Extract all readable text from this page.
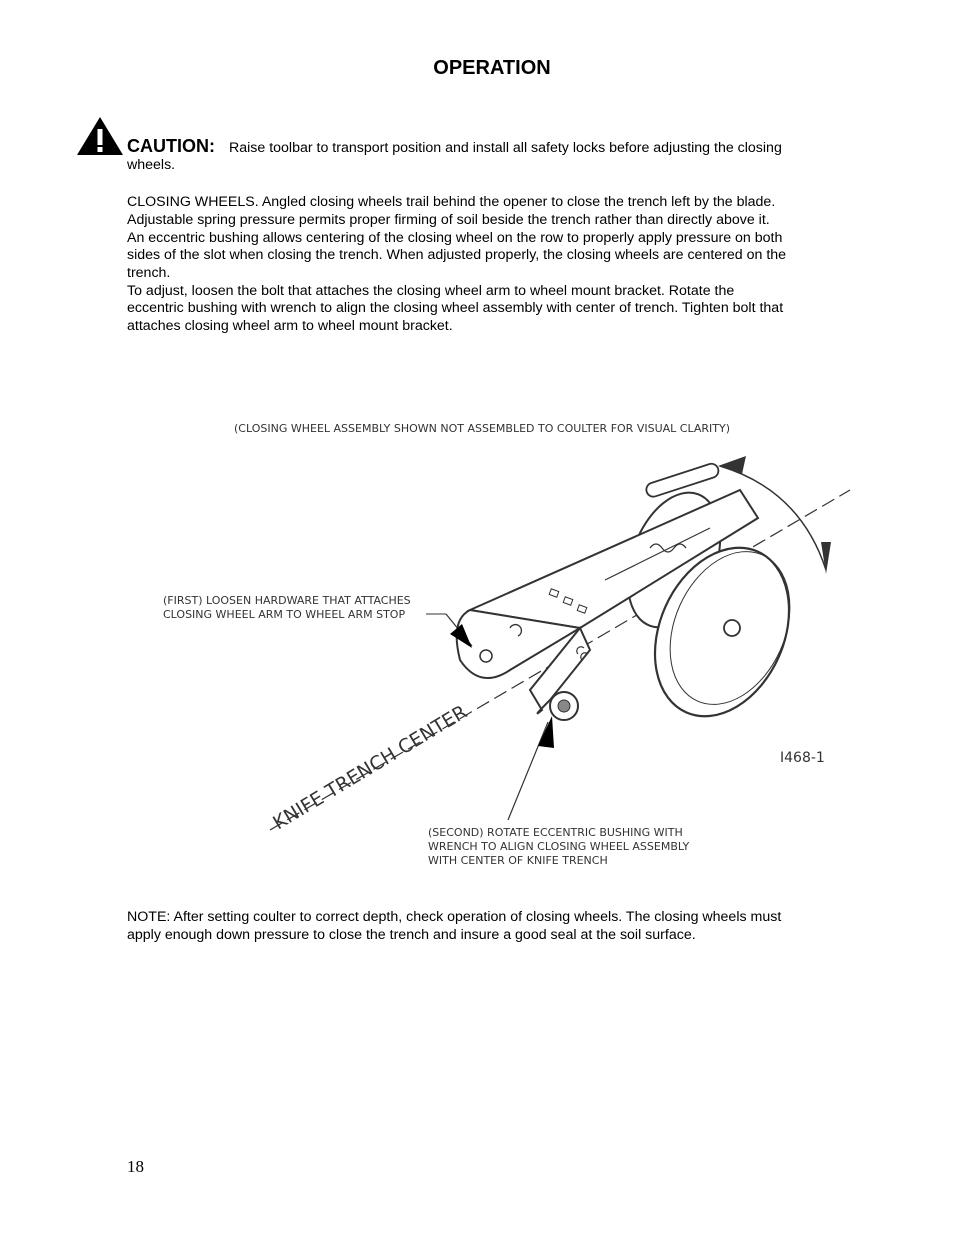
OPERATION
CAUTION: Raise toolbar to transport position and install all safety locks before adjusting the closing
wheels.
CLOSING WHEELS. Angled closing wheels trail behind the opener to close the trench left by the blade.
Adjustable spring pressure permits proper firming of soil beside the trench rather than directly above it.
An eccentric bushing allows centering of the closing wheel on the row to properly apply pressure on both
sides of the slot when closing the trench. When adjusted properly, the closing wheels are centered on the
trench.
To adjust, loosen the bolt that attaches the closing wheel arm to wheel mount bracket. Rotate the
eccentric bushing with wrench to align the closing wheel assembly with center of trench. Tighten bolt that
attaches closing wheel arm to wheel mount bracket.
(CLOSING WHEEL ASSEMBLY SHOWN NOT ASSEMBLED TO COULTER FOR VISUAL CLARITY)
(FIRST) LOOSEN HARDWARE THAT ATTACHES
CLOSING WHEEL ARM TO WHEEL ARM STOP
KNIFE TRENCH CENTER	I468-1
(SECOND) ROTATE ECCENTRIC BUSHING WITH
WRENCH TO ALIGN CLOSING WHEEL ASSEMBLY
WITH CENTER OF KNIFE TRENCH
NOTE: After setting coulter to correct depth, check operation of closing wheels. The closing wheels must
apply enough down pressure to close the trench and insure a good seal at the soil surface.
18
